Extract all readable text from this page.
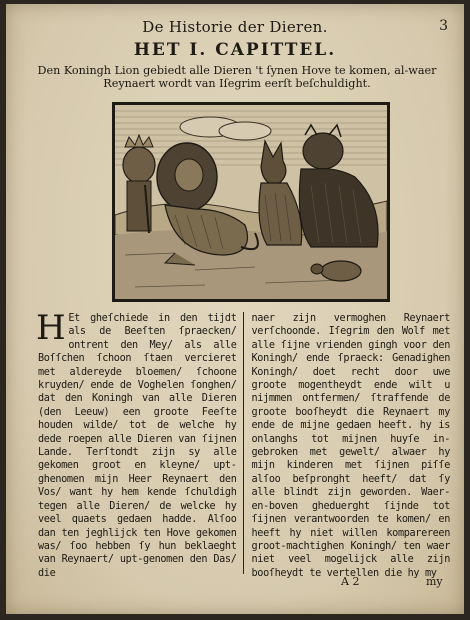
De Historie der Dieren.	3
HET I. CAPITTEL.
Den Koningh Lion gebiedt alle Dieren 't ſynen Hove te komen, al-waer Reynaert wordt van Iſegrim eerſt beſchuldight.
H Et gheſchiede in den tijdt als de Beeſten ſpraecken/ ontrent den Mey/ als alle Boſſchen ſchoon ſtaen vercieret met aldereyde bloemen/ ſchoone kruyden/ ende de Voghelen ſonghen/ dat den Koningh van alle Dieren (den Leeuw) een groote Feeſte houden wilde/ tot de welche hy dede roepen alle Dieren van ſijnen Lande. Terſtondt zijn sy alle gekomen groot en kleyne/ upt-ghenomen mijn Heer Reynaert den Vos/ want hy hem kende ſchuldigh tegen alle Dieren/ de welcke hy veel quaets gedaen hadde. Alſoo dan ten jeghlijck ten Hove gekomen was/ ſoo hebben ſy hun beklaeght van Reynaert/ upt-genomen den Das/ die
naer zijn vermoghen Reynaert verſchoonde. Iſegrim den Wolf met alle ſijne vrienden gingh voor den Koningh/ ende ſpraeck: Genadighen Koningh/ doet recht door uwe groote mogentheydt ende wilt u nijmmen ontfermen/ ſtraffende de groote booſheydt die Reynaert my ende de mijne gedaen heeft. hy is onlanghs tot mijnen huyſe in-gebroken met gewelt/ alwaer hy mijn kinderen met ſijnen piſſe alſoo beſpronght heeft/ dat ſy alle blindt zijn geworden. Waer-en-boven gheduerght ſijnde tot ſijnen verantwoorden te komen/ en heeft hy niet willen komparereen groot-machtighen Koningh/ ten waer niet veel mogelijck alle zijn booſheydt te vertellen die hy my
A 2	my
